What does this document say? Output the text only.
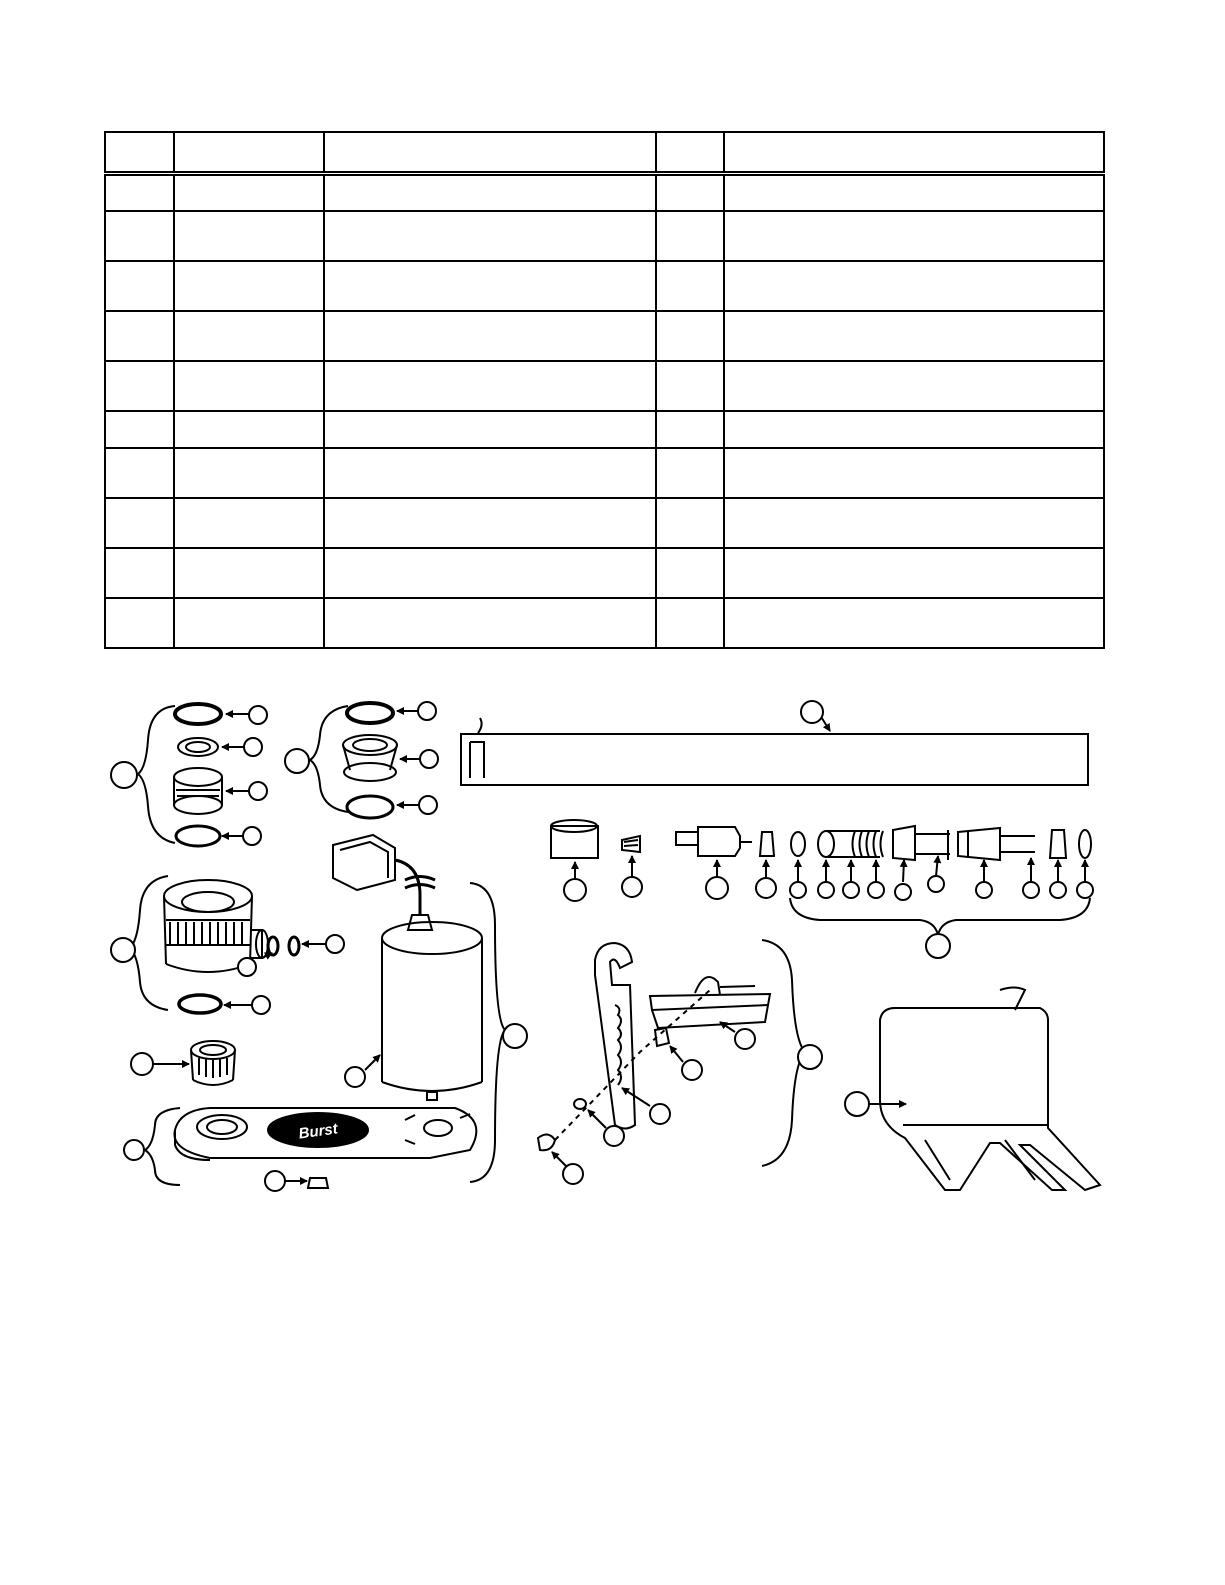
Burst
